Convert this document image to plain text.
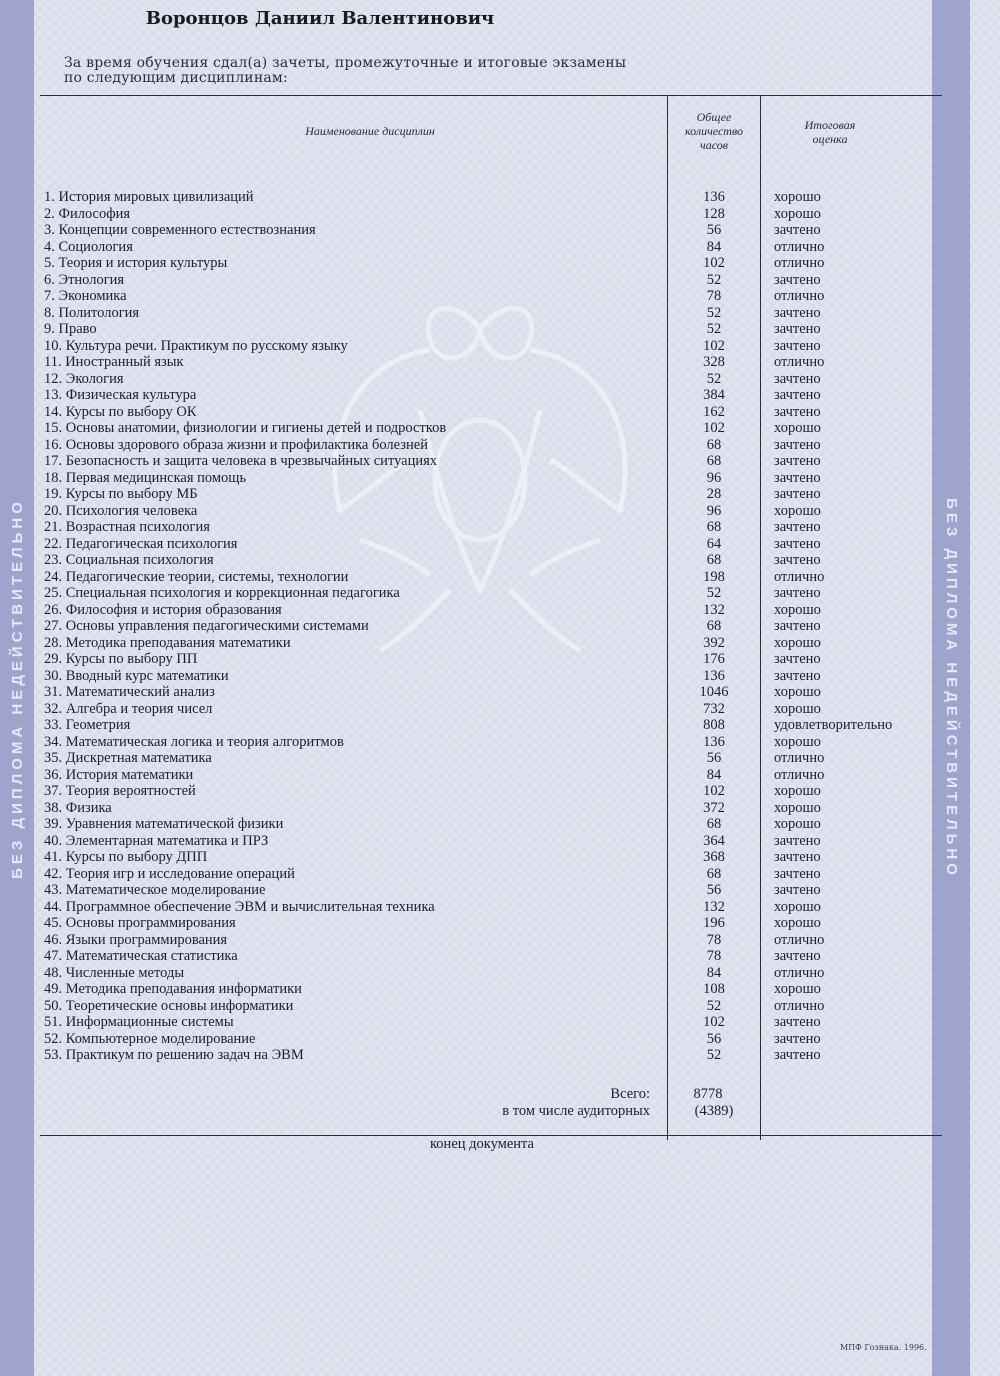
БЕЗ ДИПЛОМА НЕДЕЙСТВИТЕЛЬНО	БЕЗ ДИПЛОМА НЕДЕЙСТВИТЕЛЬНО
Воронцов Даниил Валентинович
За время обучения сдал(а) зачеты, промежуточные и итоговые экзамены
по следующим дисциплинам:
Наименование дисциплин
Общее
количество
часов
Итоговая
оценка
1. История мировых цивилизаций	136	хорошо
2. Философия	128	хорошо
3. Концепции современного естествознания	56	зачтено
4. Социология	84	отлично
5. Теория и история культуры	102	отлично
6. Этнология	52	зачтено
7. Экономика	78	отлично
8. Политология	52	зачтено
9. Право	52	зачтено
10. Культура речи. Практикум по русскому языку	102	зачтено
11. Иностранный язык	328	отлично
12. Экология	52	зачтено
13. Физическая культура	384	зачтено
14. Курсы по выбору ОК	162	зачтено
15. Основы анатомии, физиологии и гигиены детей и подростков	102	хорошо
16. Основы здорового образа жизни и профилактика болезней	68	зачтено
17. Безопасность и защита человека в чрезвычайных ситуациях	68	зачтено
18. Первая медицинская помощь	96	зачтено
19. Курсы по выбору МБ	28	зачтено
20. Психология человека	96	хорошо
21. Возрастная психология	68	зачтено
22. Педагогическая психология	64	зачтено
23. Социальная психология	68	зачтено
24. Педагогические теории, системы, технологии	198	отлично
25. Специальная психология и коррекционная педагогика	52	зачтено
26. Философия и история образования	132	хорошо
27. Основы управления педагогическими системами	68	зачтено
28. Методика преподавания математики	392	хорошо
29. Курсы по выбору ПП	176	зачтено
30. Вводный курс математики	136	зачтено
31. Математический анализ	1046	хорошо
32. Алгебра и теория чисел	732	хорошо
33. Геометрия	808	удовлетворительно
34. Математическая логика и теория алгоритмов	136	хорошо
35. Дискретная математика	56	отлично
36. История математики	84	отлично
37. Теория вероятностей	102	хорошо
38. Физика	372	хорошо
39. Уравнения математической физики	68	хорошо
40. Элементарная математика и ПРЗ	364	зачтено
41. Курсы по выбору ДПП	368	зачтено
42. Теория игр и исследование операций	68	зачтено
43. Математическое моделирование	56	зачтено
44. Программное обеспечение ЭВМ и вычислительная техника	132	хорошо
45. Основы программирования	196	хорошо
46. Языки программирования	78	отлично
47. Математическая статистика	78	зачтено
48. Численные методы	84	отлично
49. Методика преподавания информатики	108	хорошо
50. Теоретические основы информатики	52	отлично
51. Информационные системы	102	зачтено
52. Компьютерное моделирование	56	зачтено
53. Практикум по решению задач на ЭВМ	52	зачтено
Всего:	8778
в том числе аудиторных	(4389)
конец документа
МПФ Гознака. 1996.
